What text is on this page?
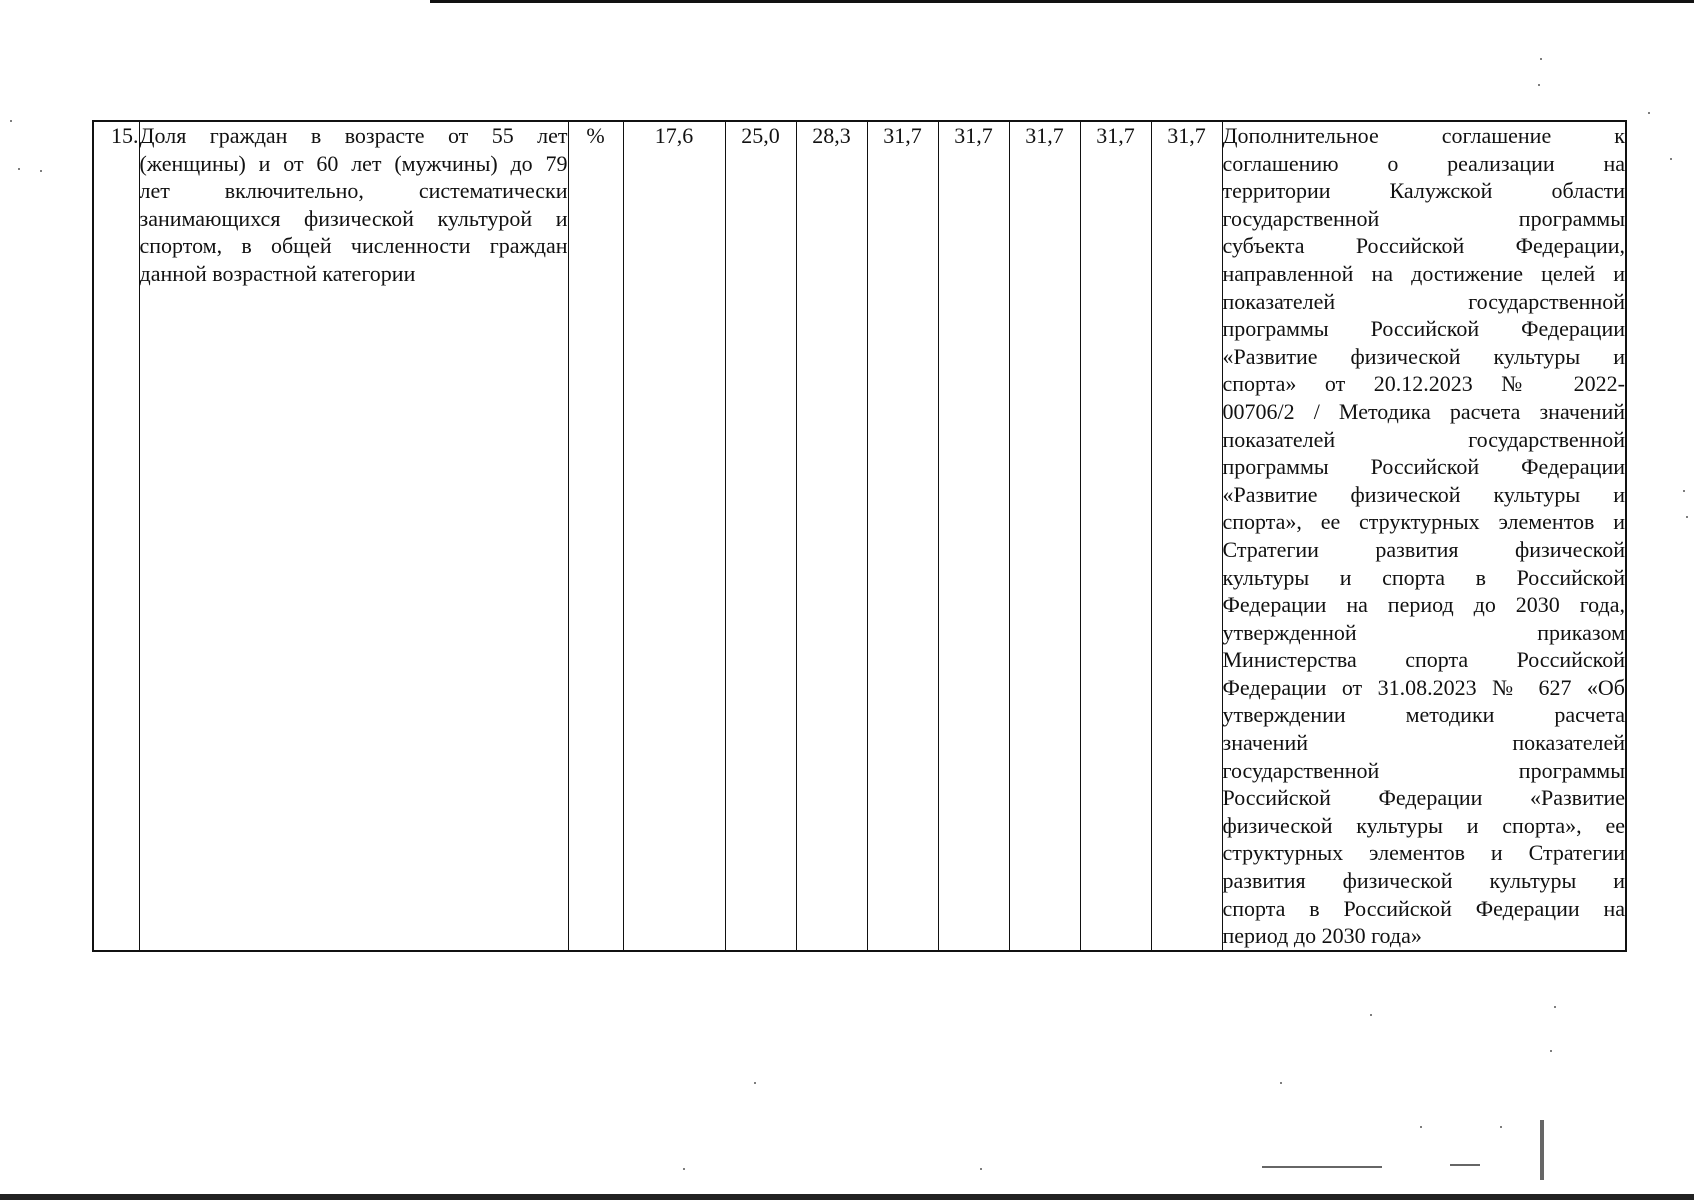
15.	Доля граждан в возрасте от 55 лет
(женщины) и от 60 лет (мужчины) до 79
лет включительно, систематически
занимающихся физической культурой и
спортом, в общей численности граждан
данной возрастной категории
	%	17,6	25,0	28,3	31,7	31,7	31,7	31,7	31,7	Дополнительное соглашение к
соглашению о реализации на
территории Калужской области
государственной программы
субъекта Российской Федерации,
направленной на достижение целей и
показателей государственной
программы Российской Федерации
«Развитие физической культуры и
спорта» от 20.12.2023 № 2022-
00706/2 / Методика расчета значений
показателей государственной
программы Российской Федерации
«Развитие физической культуры и
спорта», ее структурных элементов и
Стратегии развития физической
культуры и спорта в Российской
Федерации на период до 2030 года,
утвержденной приказом
Министерства спорта Российской
Федерации от 31.08.2023 № 627 «Об
утверждении методики расчета
значений показателей
государственной программы
Российской Федерации «Развитие
физической культуры и спорта», ее
структурных элементов и Стратегии
развития физической культуры и
спорта в Российской Федерации на
период до 2030 года»
